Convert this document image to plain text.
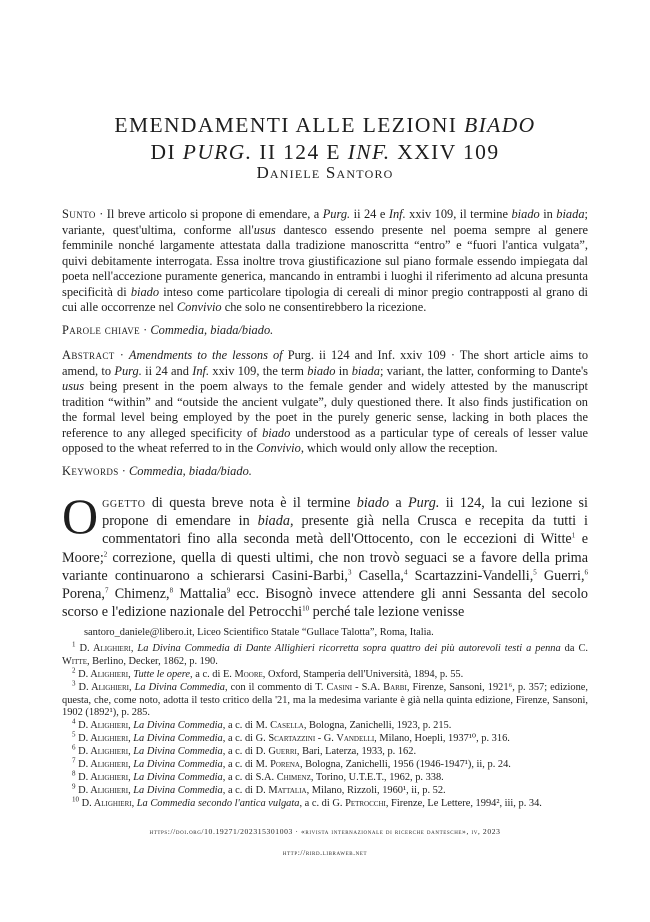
EMENDAMENTI ALLE LEZIONI BIADO
DI PURG. II 124 E INF. XXIV 109
Daniele Santoro
Sunto · Il breve articolo si propone di emendare, a Purg. ii 24 e Inf. xxiv 109, il termine biado in biada; variante, quest'ultima, conforme all'usus dantesco essendo presente nel poema sempre al genere femminile nonché largamente attestata dalla tradizione manoscritta “entro” e “fuori l'antica vulgata”, quivi debitamente interrogata. Essa inoltre trova giustificazione sul piano formale essendo impiegata dal poeta nell'accezione puramente generica, mancando in entrambi i luoghi il riferimento ad alcuna presunta specificità di biado inteso come particolare tipologia di cereali di minor pregio contrapposti al grano di cui alle occorrenze nel Convivio che solo ne consentirebbero la ricezione.
Parole chiave · Commedia, biada/biado.
Abstract · Amendments to the lessons of Purg. ii 124 and Inf. xxiv 109 · The short article aims to amend, to Purg. ii 24 and Inf. xxiv 109, the term biado in biada; variant, the latter, conforming to Dante's usus being present in the poem always to the female gender and widely attested by the manuscript tradition “within” and “outside the ancient vulgate”, duly questioned there. It also finds justification on the formal level being employed by the poet in the purely generic sense, lacking in both places the reference to any alleged specificity of biado understood as a particular type of cereals of lesser value opposed to the wheat referred to in the Convivio, which would only allow the reception.
Keywords · Commedia, biada/biado.
Oggetto di questa breve nota è il termine biado a Purg. ii 124, la cui lezione si propone di emendare in biada, presente già nella Crusca e recepita da tutti i commentatori fino alla seconda metà dell'Ottocento, con le eccezioni di Witte$^1$ e Moore;$^2$ correzione, quella di questi ultimi, che non trovò seguaci se a favore della prima variante continuarono a schierarsi Casini-Barbi,$^3$ Casella,$^4$ Scartazzini-Vandelli,$^5$ Guerri,$^6$ Porena,$^7$ Chimenz,$^8$ Mattalia$^9$ ecc. Bisognò invece attendere gli anni Sessanta del secolo scorso e l'edizione nazionale del Petrocchi$^{10}$ perché tale lezione venisse
santoro_daniele@libero.it, Liceo Scientifico Statale “Gullace Talotta”, Roma, Italia.
$^1$ D. Alighieri, La Divina Commedia di Dante Allighieri ricorretta sopra quattro dei più autorevoli testi a penna da C. Witte, Berlino, Decker, 1862, p. 190.
$^2$ D. Alighieri, Tutte le opere, a c. di E. Moore, Oxford, Stamperia dell'Università, 1894, p. 55.
$^3$ D. Alighieri, La Divina Commedia, con il commento di T. Casini - S.A. Barbi, Firenze, Sansoni, 1921⁶, p. 357; edizione, questa, che, come noto, adotta il testo critico della '21, ma la medesima variante è già nella quinta edizione, Firenze, Sansoni, 1902 (1892¹), p. 285.
$^4$ D. Alighieri, La Divina Commedia, a c. di M. Casella, Bologna, Zanichelli, 1923, p. 215.
$^5$ D. Alighieri, La Divina Commedia, a c. di G. Scartazzini - G. Vandelli, Milano, Hoepli, 1937¹⁰, p. 316.
$^6$ D. Alighieri, La Divina Commedia, a c. di D. Guerri, Bari, Laterza, 1933, p. 162.
$^7$ D. Alighieri, La Divina Commedia, a c. di M. Porena, Bologna, Zanichelli, 1956 (1946-1947¹), ii, p. 24.
$^8$ D. Alighieri, La Divina Commedia, a c. di S.A. Chimenz, Torino, U.T.E.T., 1962, p. 338.
$^9$ D. Alighieri, La Divina Commedia, a c. di D. Mattalia, Milano, Rizzoli, 1960¹, ii, p. 52.
$^{10}$ D. Alighieri, La Commedia secondo l'antica vulgata, a c. di G. Petrocchi, Firenze, Le Lettere, 1994², iii, p. 34.
https://doi.org/10.19271/202315301003 · «rivista internazionale di ricerche dantesche», iv, 2023
http://rird.libraweb.net
